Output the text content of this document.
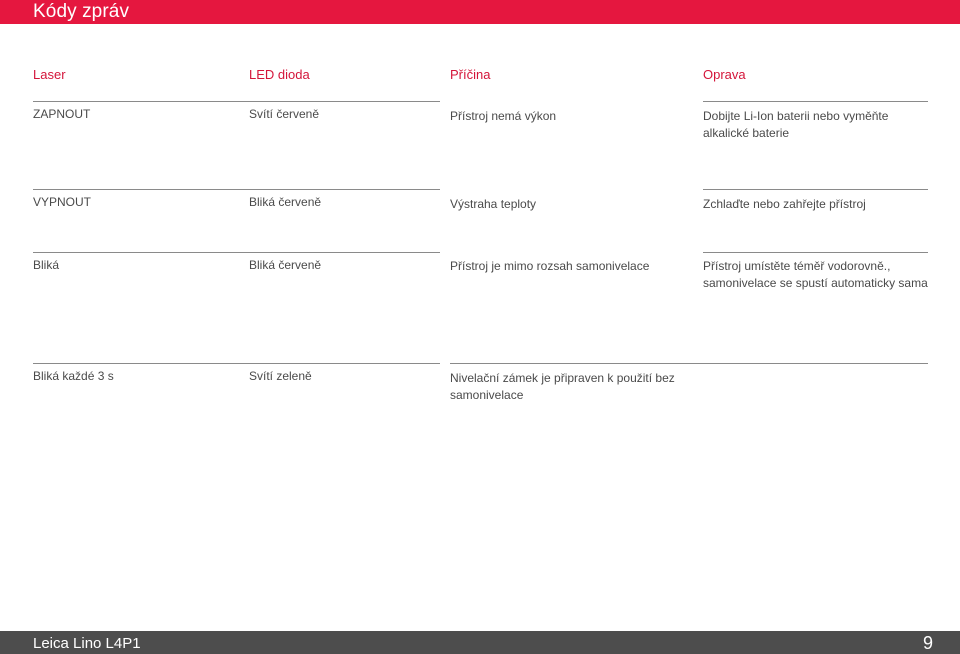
Kódy zpráv
Laser	LED dioda	Příčina	Oprava
ZAPNOUT	Svítí červeně	Přístroj nemá výkon	Dobijte Li-Ion baterii nebo vyměňte alkalické baterie
VYPNOUT	Bliká červeně	Výstraha teploty	Zchlaďte nebo zahřejte přístroj
Bliká	Bliká červeně	Přístroj je mimo rozsah samonivelace	Přístroj umístěte téměř vodorovně., samonivelace se spustí automaticky sama
Bliká každé 3 s	Svítí zeleně	Nivelační zámek je připraven k použití bez samonivelace
Leica Lino L4P1	9
